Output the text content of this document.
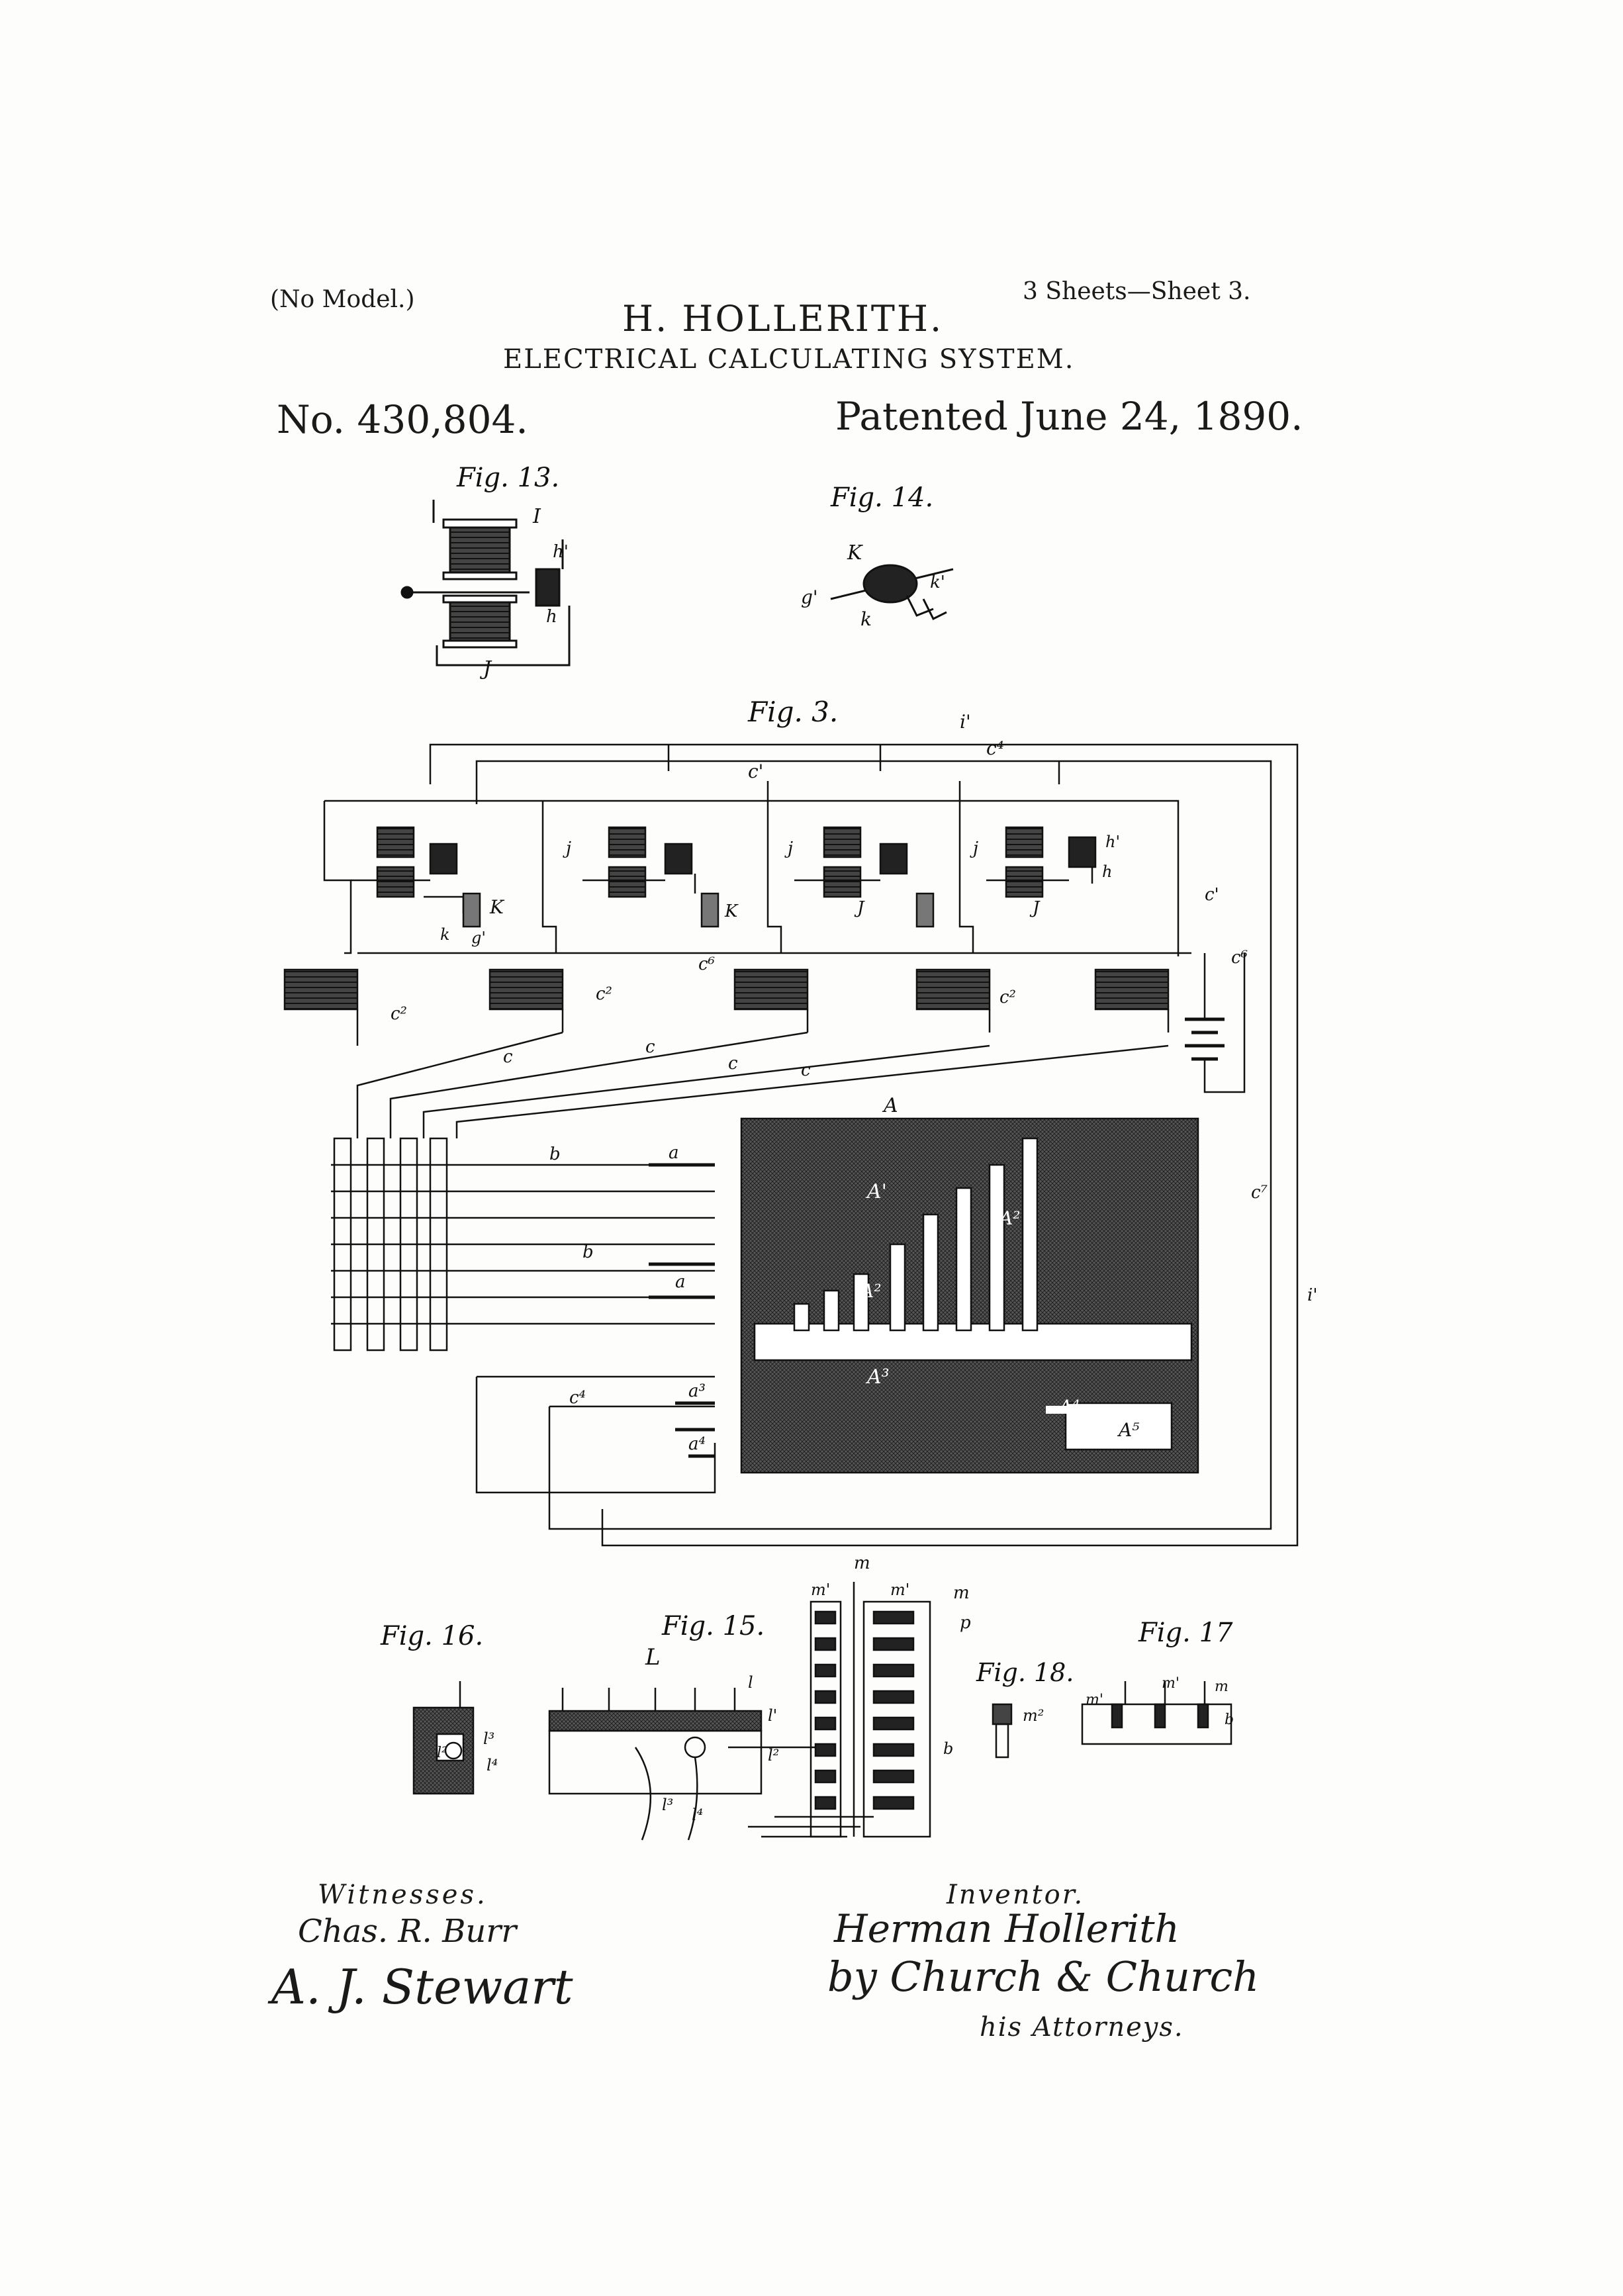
(No Model.)	3 Sheets—Sheet 3.
H. HOLLERITH.
ELECTRICAL CALCULATING SYSTEM.
No. 430,804.	Patented June 24, 1890.
Fig. 13.
I
h'
h
J
Fig. 14.
K
g'
k
k'
Fig. 3.	i'
c⁴
c'
K
k g'
j
K
c⁶
j
J
j	h'
h
J
c²
c²	c²
c'
c⁶
c	c
c	c
b	a
b
a
c⁴	a³
a⁴
A
A'
A²
A²
A³
A⁴
A⁵
c⁷
i'
Fig. 16.
l²
l³
l⁴
Fig. 15.
L
l
l'
l²
l³
l⁴
m
m'	m'	m
p
b
Fig. 18.
m²
Fig. 17
m'
m' m
b
Witnesses.
Chas. R. Burr
A. J. Stewart
Inventor.
Herman Hollerith
by Church & Church
his Attorneys.
